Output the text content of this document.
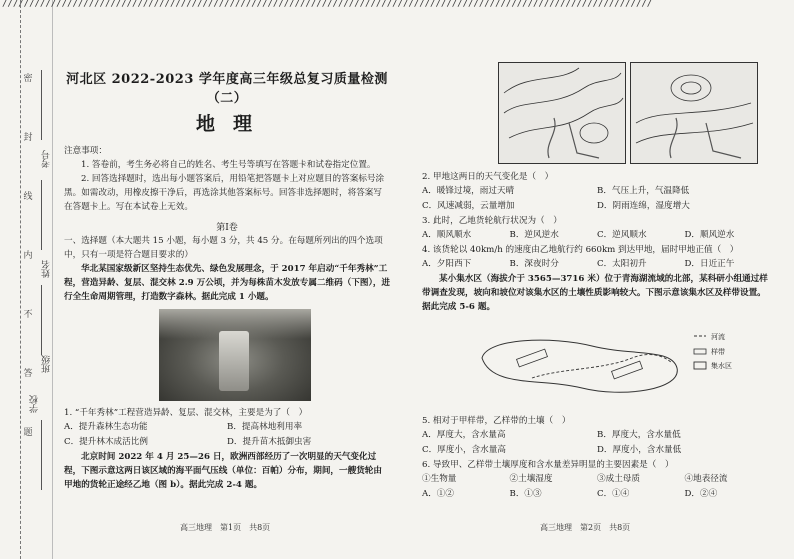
////////////////////////////////////////////////////////////////////////////////////////////////////////////////////////
密封线内不答题 考号
姓名
班级
学校
河北区 2022-2023 学年度高三年级总复习质量检测（二）
地理

注意事项：

1. 答卷前，考生务必将自己的姓名、考生号等填写在答题卡和试卷指定位置。

2. 回答选择题时，选出每小题答案后，用铅笔把答题卡上对应题目的答案标号涂黑。如需改动，用橡皮擦干净后，再选涂其他答案标号。回答非选择题时，将答案写在答题卡上。写在本试卷上无效。

第Ⅰ卷

一、选择题（本大题共 15 小题，每小题 3 分，共 45 分。在每题所列出的四个选项中，只有一项是符合题目要求的）

华北某国家级新区坚持生态优先、绿色发展理念，于 2017 年启动“千年秀林”工程，营造异龄、复层、混交林 2.9 万公顷，并为每株苗木发放专属二维码（下图），进行全生命周期管理，打造数字森林。据此完成 1 小题。

1. “千年秀林”工程营造异龄、复层、混交林，主要是为了（　）

A．提升森林生态功能	B．提高林地利用率
C．提升林木成活比例	D．提升苗木抵御虫害

北京时间 2022 年 4 月 25—26 日，欧洲西部经历了一次明显的天气变化过程，下图示意这两日该区域的海平面气压线（单位：百帕）分布，期间，一艘货轮由甲地的货轮正途经乙地（图 b）。据此完成 2-4 题。

高三地理　第1页　共8页

2. 甲地这两日的天气变化是（　）

A．暖锋过境，雨过天晴	B．气压上升，气温降低
C．风速减弱，云量增加	D．阴雨连绵，湿度增大

3. 此时，乙地货轮航行状况为（　）

A．顺风顺水	B．逆风逆水	C．逆风顺水	D．顺风逆水

4. 该货轮以 40km/h 的速度由乙地航行约 660km 到达甲地，届时甲地正值（　）

A．夕阳西下	B．深夜时分	C．太阳初升	D．日近正午

某小集水区（海拔介于 3565—3716 米）位于青海湖流域的北部，某科研小组通过样带调查发现，坡向和坡位对该集水区的土壤性质影响较大。下图示意该集水区及样带设置。据此完成 5-6 题。

河流
样带
集水区

5. 相对于甲样带，乙样带的土壤（　）

A．厚度大，含水量高	B．厚度大，含水量低
C．厚度小，含水量高	D．厚度小，含水量低

6. 导致甲、乙样带土壤厚度和含水量差异明显的主要因素是（　）

①生物量	②土壤湿度	③成土母质	④地表径流
A．①②	B．①③	C．①④	D．②④
高三地理　第2页　共8页
